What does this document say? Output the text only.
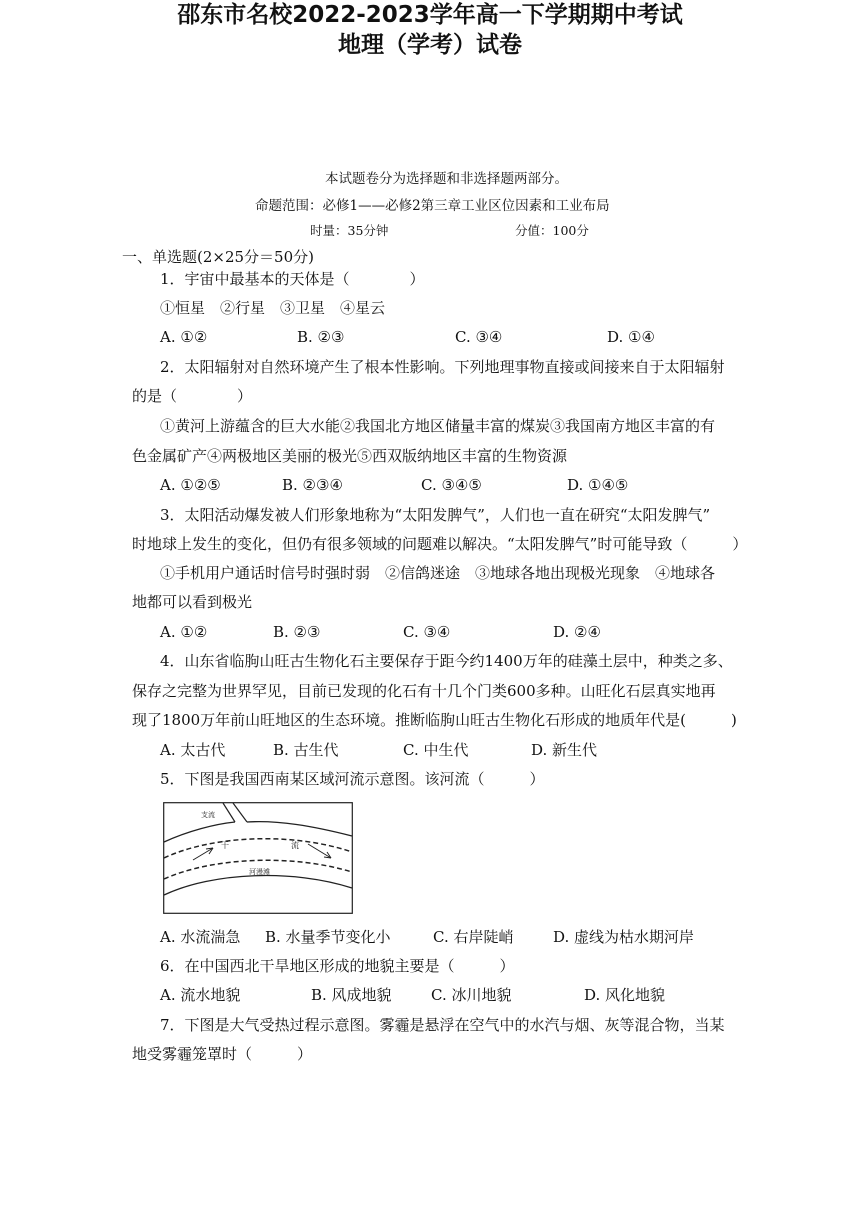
邵东市名校2022-2023学年高一下学期期中考试
地理（学考）试卷
本试题卷分为选择题和非选择题两部分。
命题范围：必修1——必修2第三章工业区位因素和工业布局
时量：35分钟	分值：100分
一、单选题(2×25分＝50分)
1．宇宙中最基本的天体是（　　　　）
①恒星　②行星　③卫星　④星云
A. ①②	B. ②③	C. ③④	D. ①④
2．太阳辐射对自然环境产生了根本性影响。下列地理事物直接或间接来自于太阳辐射
的是（　　　　）
①黄河上游蕴含的巨大水能②我国北方地区储量丰富的煤炭③我国南方地区丰富的有
色金属矿产④两极地区美丽的极光⑤西双版纳地区丰富的生物资源
A. ①②⑤	B. ②③④	C. ③④⑤	D. ①④⑤
3．太阳活动爆发被人们形象地称为“太阳发脾气”，人们也一直在研究“太阳发脾气”
时地球上发生的变化，但仍有很多领域的问题难以解决。“太阳发脾气”时可能导致（　　　）
①手机用户通话时信号时强时弱　②信鸽迷途　③地球各地出现极光现象　④地球各
地都可以看到极光
A. ①②	B. ②③	C. ③④	D. ②④
4．山东省临朐山旺古生物化石主要保存于距今约1400万年的硅藻土层中，种类之多、
保存之完整为世界罕见，目前已发现的化石有十几个门类600多种。山旺化石层真实地再
现了1800万年前山旺地区的生态环境。推断临朐山旺古生物化石形成的地质年代是(　　　)
A. 太古代	B. 古生代	C. 中生代	D. 新生代
5．下图是我国西南某区域河流示意图。该河流（　　　）
支流
干	流
河漫滩
A. 水流湍急 B. 水量季节变化小	C. 右岸陡峭	D. 虚线为枯水期河岸
6．在中国西北干旱地区形成的地貌主要是（　　　）
A. 流水地貌	B. 风成地貌	C. 冰川地貌	D. 风化地貌
7．下图是大气受热过程示意图。雾霾是悬浮在空气中的水汽与烟、灰等混合物，当某
地受雾霾笼罩时（　　　）
